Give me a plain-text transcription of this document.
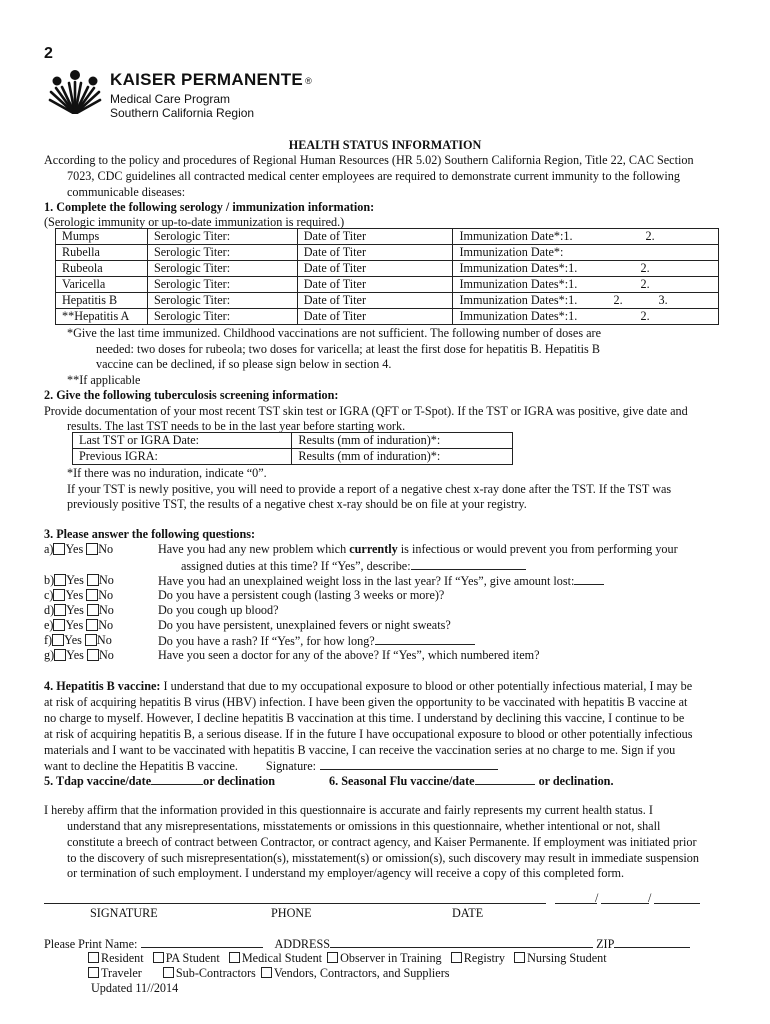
2
KAISER PERMANENTE ®
Medical Care Program
Southern California Region
HEALTH STATUS INFORMATION
According to the policy and procedures of Regional Human Resources (HR 5.02) Southern California Region, Title 22, CAC Section
7023, CDC guidelines all contracted medical center employees are required to demonstrate current immunity to the following
communicable diseases:
1. Complete the following serology / immunization information:
(Serologic immunity or up-to-date immunization is required.)
Mumps	Serologic Titer:	Date of Titer	Immunization Date*:1. 2.

Rubella	Serologic Titer:	Date of Titer	Immunization Date*:
Rubeola	Serologic Titer:	Date of Titer	Immunization Dates*:1. 2.

Varicella	Serologic Titer:	Date of Titer	Immunization Dates*:1. 2.

Hepatitis B	Serologic Titer:	Date of Titer	Immunization Dates*:1. 2. 3.

**Hepatitis A	Serologic Titer:	Date of Titer	Immunization Dates*:1. 2.
*Give the last time immunized. Childhood vaccinations are not sufficient. The following number of doses are
needed: two doses for rubeola; two doses for varicella; at least the first dose for hepatitis B. Hepatitis B
vaccine can be declined, if so please sign below in section 4.
**If applicable
2. Give the following tuberculosis screening information:
Provide documentation of your most recent TST skin test or IGRA (QFT or T-Spot). If the TST or IGRA was positive, give date and
results. The last TST needs to be in the last year before starting work.
Last TST or IGRA Date:	Results (mm of induration)*:
Previous IGRA:	Results (mm of induration)*:
*If there was no induration, indicate “0”.
If your TST is newly positive, you will need to provide a report of a negative chest x-ray done after the TST. If the TST was
previously positive TST, the results of a negative chest x-ray should be on file at your registry.
3. Please answer the following questions:
a) Yes No	Have you had any new problem which currently is infectious or would prevent you from performing your
assigned duties at this time? If “Yes”, describe:
b) Yes No	Have you had an unexplained weight loss in the last year? If “Yes”, give amount lost:
c) Yes No	Do you have a persistent cough (lasting 3 weeks or more)?
d) Yes No	Do you cough up blood?
e) Yes No	Do you have persistent, unexplained fevers or night sweats?
f) Yes No	Do you have a rash? If “Yes”, for how long?
g) Yes No	Have you seen a doctor for any of the above? If “Yes”, which numbered item?
4. Hepatitis B vaccine: I understand that due to my occupational exposure to blood or other potentially infectious material, I may be
at risk of acquiring hepatitis B virus (HBV) infection. I have been given the opportunity to be vaccinated with hepatitis B vaccine at
no charge to myself. However, I decline hepatitis B vaccination at this time. I understand by declining this vaccine, I continue to be
at risk of acquiring hepatitis B, a serious disease. If in the future I have occupational exposure to blood or other potentially infectious
materials and I want to be vaccinated with hepatitis B vaccine, I can receive the vaccination series at no charge to me. Sign if you
want to decline the Hepatitis B vaccine. Signature:
5. Tdap vaccine/date	or declination	6. Seasonal Flu vaccine/date	or declination.
I hereby affirm that the information provided in this questionnaire is accurate and fairly represents my current health status. I
understand that any misrepresentations, misstatements or omissions in this questionnaire, whether intentional or not, shall
constitute a breech of contract between Contractor, or contract agency, and Kaiser Permanente. If employment was initiated prior
to the discovery of such misrepresentation(s), misstatement(s) or omission(s), such discovery may result in immediate suspension
or termination of such employment. I understand my employer/agency will receive a copy of this completed form.
/	/
SIGNATURE	PHONE	DATE
Please Print Name:	ADDRESS	ZIP
Resident PA Student Medical Student Observer in Training Registry Nursing Student
Traveler	Sub-Contractors Vendors, Contractors, and Suppliers
Updated 11//2014
